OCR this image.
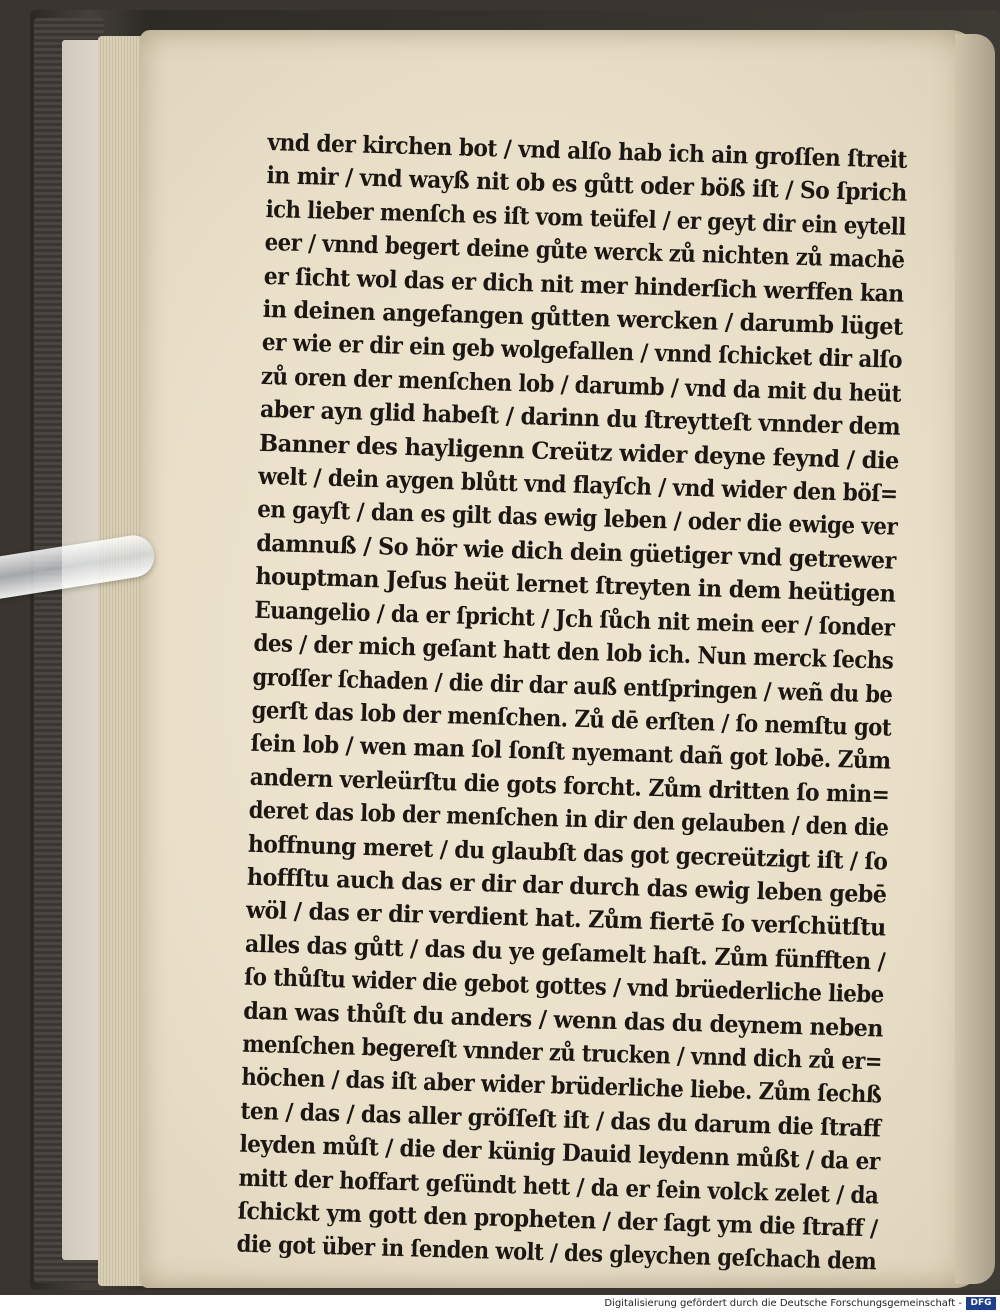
vnd der kirchen bot / vnd alſo hab ich ain groſſen ſtreit
in mir / vnd wayß nit ob es gůtt oder böß iſt / So ſprich
ich lieber menſch es iſt vom teüfel / er geyt dir ein eytell
eer / vnnd begert deine gůte werck zů nichten zů machē
er ſicht wol das er dich nit mer hinderſich werffen kan
in deinen angefangen gůtten wercken / darumb lüget
er wie er dir ein geb wolgefallen / vnnd ſchicket dir alſo
zů oren der menſchen lob / darumb / vnd da mit du heüt
aber ayn glid habeſt / darinn du ſtreytteſt vnnder dem
Banner des hayligenn Creütz wider deyne feynd / die
welt / dein aygen blůtt vnd flayſch / vnd wider den böſ=
en gayſt / dan es gilt das ewig leben / oder die ewige ver
damnuß / So hör wie dich dein güetiger vnd getrewer
houptman Jeſus heüt lernet ſtreyten in dem heütigen
Euangelio / da er ſpricht / Jch ſůch nit mein eer / ſonder
des / der mich geſant hatt den lob ich. Nun merck ſechs
groſſer ſchaden / die dir dar auß entſpringen / weñ du be
gerſt das lob der menſchen. Zů dē erſten / ſo nemſtu got
ſein lob / wen man ſol ſonſt nyemant dañ got lobē. Zům
andern verleürſtu die gots forcht. Zům dritten ſo min=
deret das lob der menſchen in dir den gelauben / den die
hoffnung meret / du glaubſt das got gecreützigt iſt / ſo
hoffſtu auch das er dir dar durch das ewig leben gebē
wöl / das er dir verdient hat. Zům fiertē ſo verſchütſtu
alles das gůtt / das du ye geſamelt haſt. Zům fünfften /
ſo thůſtu wider die gebot gottes / vnd brüederliche liebe
dan was thůſt du anders / wenn das du deynem neben
menſchen begereſt vnnder zů trucken / vnnd dich zů er=
höchen / das iſt aber wider brüderliche liebe. Zům ſechß
ten / das / das aller gröſſeſt iſt / das du darum die ſtraff
leyden můſt / die der künig Dauid leydenn můßt / da er
mitt der hoffart geſündt hett / da er ſein volck zelet / da
ſchickt ym gott den propheten / der ſagt ym die ſtraff /
die got über in ſenden wolt / des gleychen geſchach dem
Digitalisierung gefördert durch die Deutsche Forschungsgemeinschaft - DFG
